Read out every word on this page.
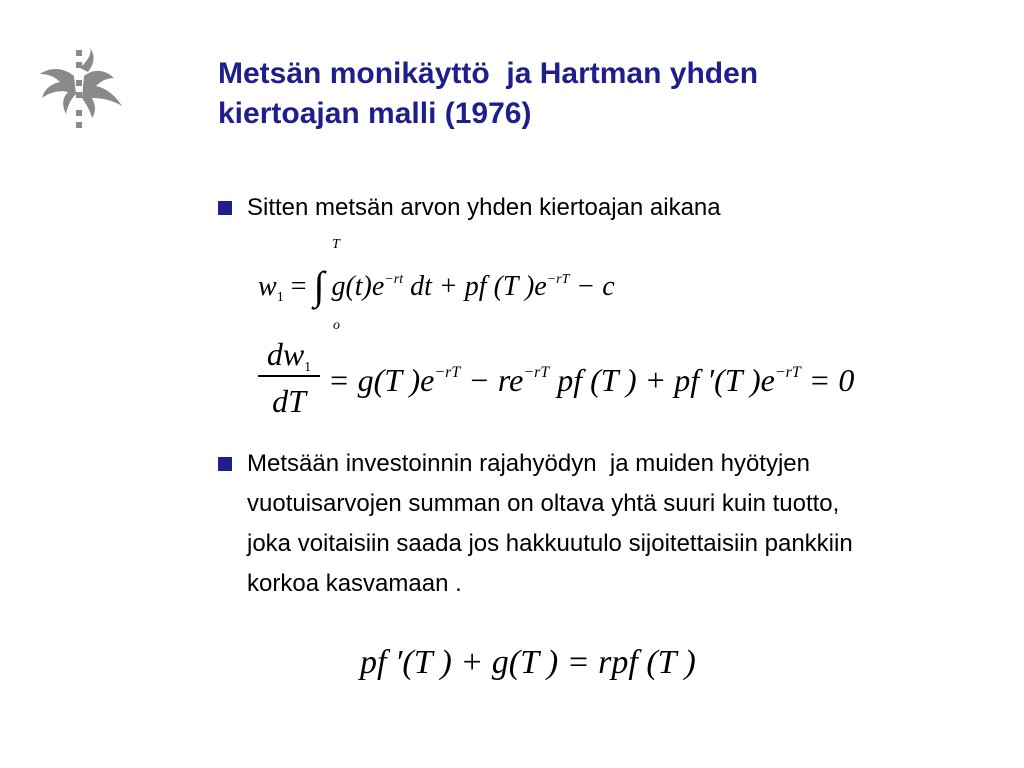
Metsän monikäyttö  ja Hartman yhden
kiertoajan malli (1976)
Sitten metsän arvon yhden kiertoajan aikana
T
o
$w_1$ = ∫ $g(t)e^{-rt}$ dt + pf (T )$e^{-rT} - c$
dw1
dT
= g(T )$e^{-rT} - re^{-rT}$ pf (T ) + pf ′(T )$e^{-rT} = 0$
Metsään investoinnin rajahyödyn  ja muiden hyötyjen
vuotuisarvojen summan on oltava yhtä suuri kuin tuotto,
joka voitaisiin saada jos hakkuutulo sijoitettaisiin pankkiin
korkoa kasvamaan .
pf ′(T ) + g(T ) = rpf (T )
